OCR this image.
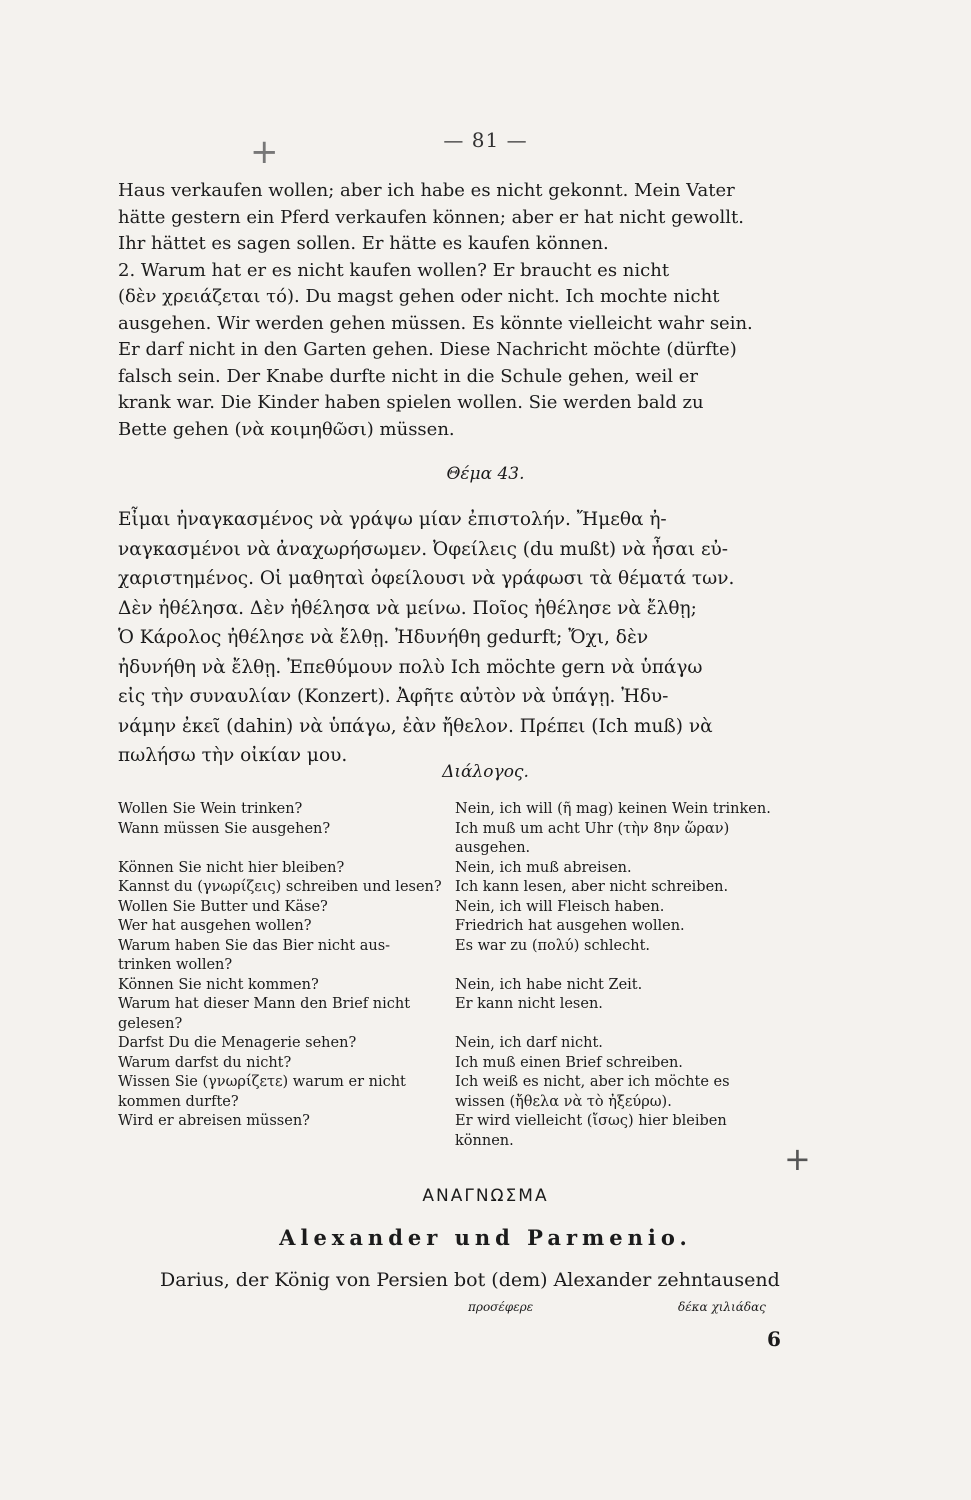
+	— 81 —
Haus verkaufen wollen; aber ich habe es nicht gekonnt. Mein Vater
hätte gestern ein Pferd verkaufen können; aber er hat nicht gewollt.
Ihr hättet es sagen sollen. Er hätte es kaufen können.
2. Warum hat er es nicht kaufen wollen? Er braucht es nicht
(δὲν χρειάζεται τό). Du magst gehen oder nicht. Ich mochte nicht
ausgehen. Wir werden gehen müssen. Es könnte vielleicht wahr sein.
Er darf nicht in den Garten gehen. Diese Nachricht möchte (dürfte)
falsch sein. Der Knabe durfte nicht in die Schule gehen, weil er
krank war. Die Kinder haben spielen wollen. Sie werden bald zu
Bette gehen (νὰ κοιμηθῶσι) müssen.
Θέμα 43.
Εἶμαι ἠναγκασμένος νὰ γράψω μίαν ἐπιστολήν. Ἤμεθα ἠ-
ναγκασμένοι νὰ ἀναχωρήσωμεν. Ὀφείλεις (du mußt) νὰ ἦσαι εὐ-
χαριστημένος. Οἱ μαθηταὶ ὀφείλουσι νὰ γράφωσι τὰ θέματά των.
Δὲν ἠθέλησα. Δὲν ἠθέλησα νὰ μείνω. Ποῖος ἠθέλησε νὰ ἔλθῃ;
Ὁ Κάρολος ἠθέλησε νὰ ἔλθῃ. Ἠδυνήθη gedurft; Ὄχι, δὲν
ἠδυνήθη νὰ ἔλθῃ. Ἐπεθύμουν πολὺ Ich möchte gern νὰ ὑπάγω
εἰς τὴν συναυλίαν (Konzert). Ἀφῆτε αὐτὸν νὰ ὑπάγῃ. Ἠδυ-
νάμην ἐκεῖ (dahin) νὰ ὑπάγω, ἐὰν ἤθελον. Πρέπει (Ich muß) νὰ
πωλήσω τὴν οἰκίαν μου.
Διάλογος.
Wollen Sie Wein trinken?	Nein, ich will (ῆ mag) keinen Wein trinken.
Wann müssen Sie ausgehen?	Ich muß um acht Uhr (τὴν 8ην ὥραν)
ausgehen.
Können Sie nicht hier bleiben?	Nein, ich muß abreisen.
Kannst du (γνωρίζεις) schreiben und lesen? Ich kann lesen, aber nicht schreiben.
Wollen Sie Butter und Käse?	Nein, ich will Fleisch haben.
Wer hat ausgehen wollen?	Friedrich hat ausgehen wollen.
Warum haben Sie das Bier nicht aus-	Es war zu (πολύ) schlecht.
trinken wollen?
Können Sie nicht kommen?	Nein, ich habe nicht Zeit.
Warum hat dieser Mann den Brief nicht	Er kann nicht lesen.
gelesen?
Darfst Du die Menagerie sehen?	Nein, ich darf nicht.
Warum darfst du nicht?	Ich muß einen Brief schreiben.
Wissen Sie (γνωρίζετε) warum er nicht	Ich weiß es nicht, aber ich möchte es
kommen durfte?	wissen (ἤθελα νὰ τὸ ἠξεύρω).
Wird er abreisen müssen?	Er wird vielleicht (ἴσως) hier bleiben können.	+
ΑΝΑΓΝΩΣΜΑ
Alexander und Parmenio.
Darius, der König von Persien bot (dem) Alexander zehntausend
προσέφερε	δέκα χιλιάδας
6
